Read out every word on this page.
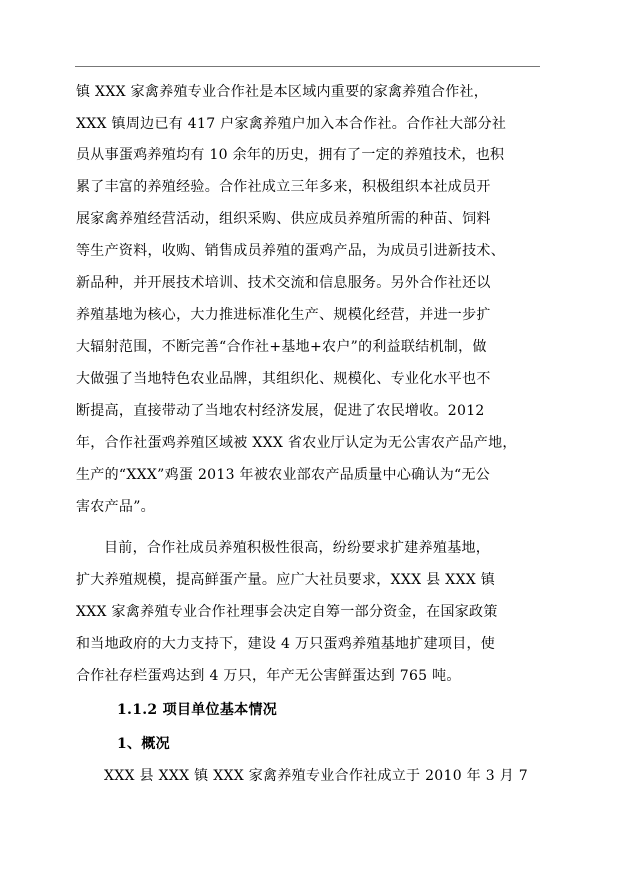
镇 XXX 家禽养殖专业合作社是本区域内重要的家禽养殖合作社，
XXX 镇周边已有 417 户家禽养殖户加入本合作社。合作社大部分社
员从事蛋鸡养殖均有 10 余年的历史，拥有了一定的养殖技术，也积
累了丰富的养殖经验。合作社成立三年多来，积极组织本社成员开
展家禽养殖经营活动，组织采购、供应成员养殖所需的种苗、饲料
等生产资料，收购、销售成员养殖的蛋鸡产品，为成员引进新技术、
新品种，并开展技术培训、技术交流和信息服务。另外合作社还以
养殖基地为核心，大力推进标准化生产、规模化经营，并进一步扩
大辐射范围，不断完善“合作社+基地+农户”的利益联结机制，做
大做强了当地特色农业品牌，其组织化、规模化、专业化水平也不
断提高，直接带动了当地农村经济发展，促进了农民增收。2012
年，合作社蛋鸡养殖区域被 XXX 省农业厅认定为无公害农产品产地，
生产的“XXX”鸡蛋 2013 年被农业部农产品质量中心确认为“无公
害农产品”。
目前，合作社成员养殖积极性很高，纷纷要求扩建养殖基地，
扩大养殖规模，提高鲜蛋产量。应广大社员要求，XXX 县 XXX 镇
XXX 家禽养殖专业合作社理事会决定自筹一部分资金，在国家政策
和当地政府的大力支持下，建设 4 万只蛋鸡养殖基地扩建项目，使
合作社存栏蛋鸡达到 4 万只，年产无公害鲜蛋达到 765 吨。
1.1.2 项目单位基本情况
1、概况
XXX 县 XXX 镇 XXX 家禽养殖专业合作社成立于 2010 年 3 月 7
